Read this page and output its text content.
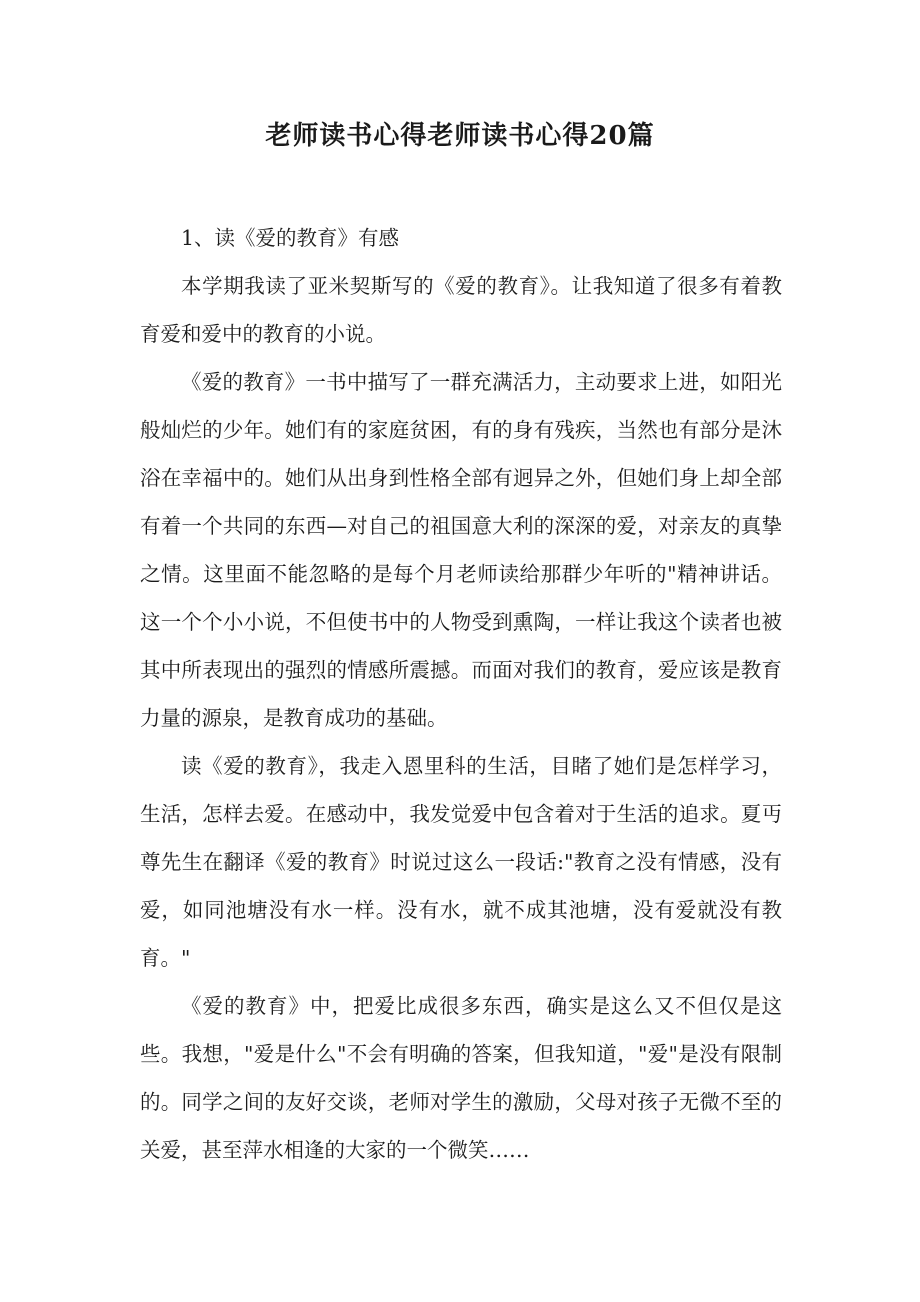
老师读书心得老师读书心得20篇

1、读《爱的教育》有感

本学期我读了亚米契斯写的《爱的教育》。让我知道了很多有着教育爱和爱中的教育的小说。

《爱的教育》一书中描写了一群充满活力，主动要求上进，如阳光般灿烂的少年。她们有的家庭贫困，有的身有残疾，当然也有部分是沐浴在幸福中的。她们从出身到性格全部有迥异之外，但她们身上却全部有着一个共同的东西—对自己的祖国意大利的深深的爱，对亲友的真挚之情。这里面不能忽略的是每个月老师读给那群少年听的"精神讲话。这一个个小小说，不但使书中的人物受到熏陶，一样让我这个读者也被其中所表现出的强烈的情感所震撼。而面对我们的教育，爱应该是教育力量的源泉，是教育成功的基础。

读《爱的教育》，我走入恩里科的生活，目睹了她们是怎样学习，生活，怎样去爱。在感动中，我发觉爱中包含着对于生活的追求。夏丏尊先生在翻译《爱的教育》时说过这么一段话:"教育之没有情感，没有爱，如同池塘没有水一样。没有水，就不成其池塘，没有爱就没有教育。"

《爱的教育》中，把爱比成很多东西，确实是这么又不但仅是这些。我想，"爱是什么"不会有明确的答案，但我知道，"爱"是没有限制的。同学之间的友好交谈，老师对学生的激励，父母对孩子无微不至的关爱，甚至萍水相逢的大家的一个微笑……
